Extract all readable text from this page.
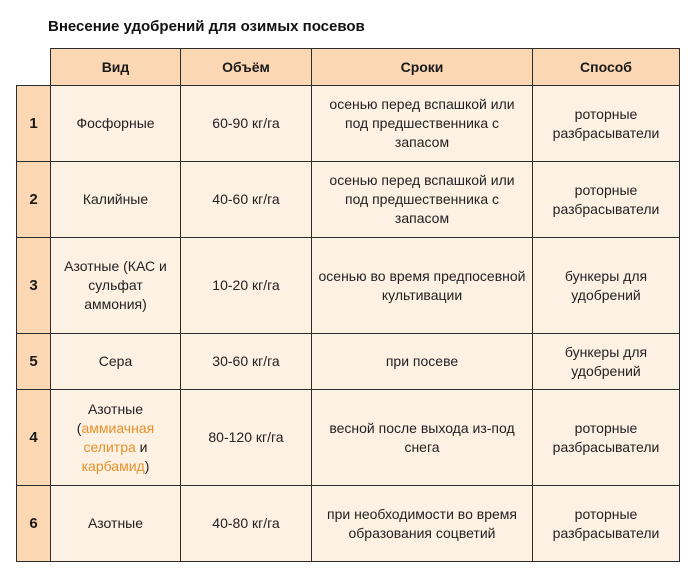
Внесение удобрений для озимых посевов
	Вид	Объём	Сроки	Способ
1	Фосфорные	60-90 кг/га	осенью перед вспашкой или под предшественника с запасом	роторные разбрасыватели
2	Калийные	40-60 кг/га	осенью перед вспашкой или под предшественника с запасом	роторные разбрасыватели
3	Азотные (КАС и сульфат аммония)	10-20 кг/га	осенью во время предпосевной культивации	бункеры для удобрений
5	Сера	30-60 кг/га	при посеве	бункеры для удобрений
4	Азотные (аммиачная селитра и карбамид)	80-120 кг/га	весной после выхода из-под снега	роторные разбрасыватели
6	Азотные	40-80 кг/га	при необходимости во время образования соцветий	роторные разбрасыватели
